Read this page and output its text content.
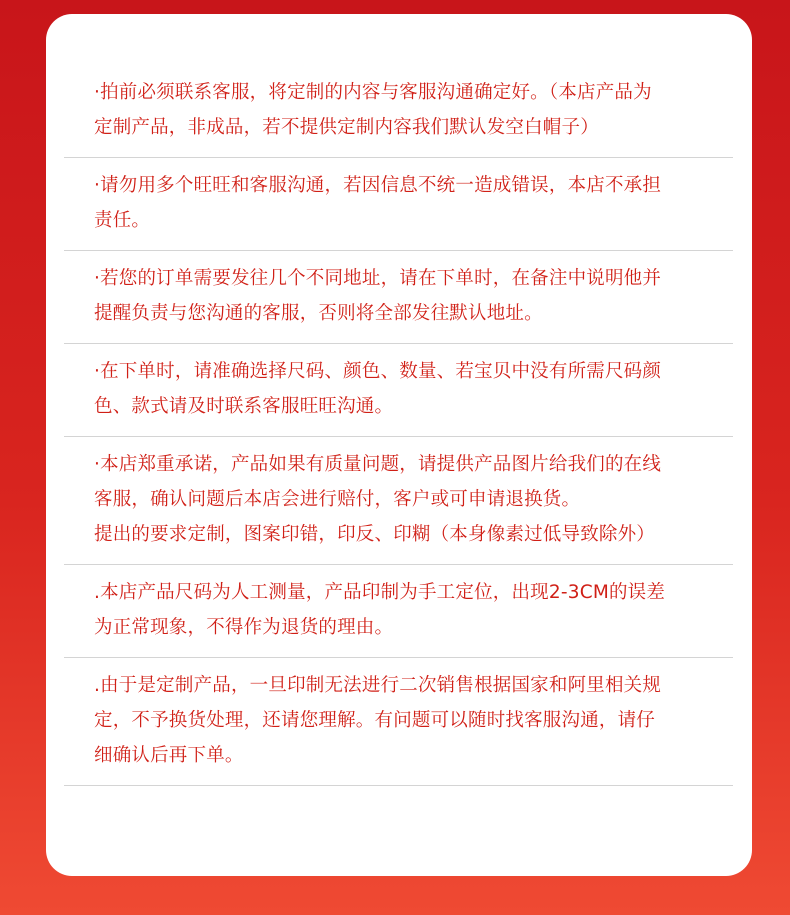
·拍前必须联系客服，将定制的内容与客服沟通确定好。（本店产品为
定制产品，非成品，若不提供定制内容我们默认发空白帽子）
·请勿用多个旺旺和客服沟通，若因信息不统一造成错误，本店不承担
责任。
·若您的订单需要发往几个不同地址，请在下单时，在备注中说明他并
提醒负责与您沟通的客服，否则将全部发往默认地址。
·在下单时，请准确选择尺码、颜色、数量、若宝贝中没有所需尺码颜
色、款式请及时联系客服旺旺沟通。
·本店郑重承诺，产品如果有质量问题，请提供产品图片给我们的在线
客服，确认问题后本店会进行赔付，客户或可申请退换货。
提出的要求定制，图案印错，印反、印糊（本身像素过低导致除外）
.本店产品尺码为人工测量，产品印制为手工定位，出现2-3CM的误差
为正常现象，不得作为退货的理由。
.由于是定制产品，一旦印制无法进行二次销售根据国家和阿里相关规
定，不予换货处理，还请您理解。有问题可以随时找客服沟通，请仔
细确认后再下单。
